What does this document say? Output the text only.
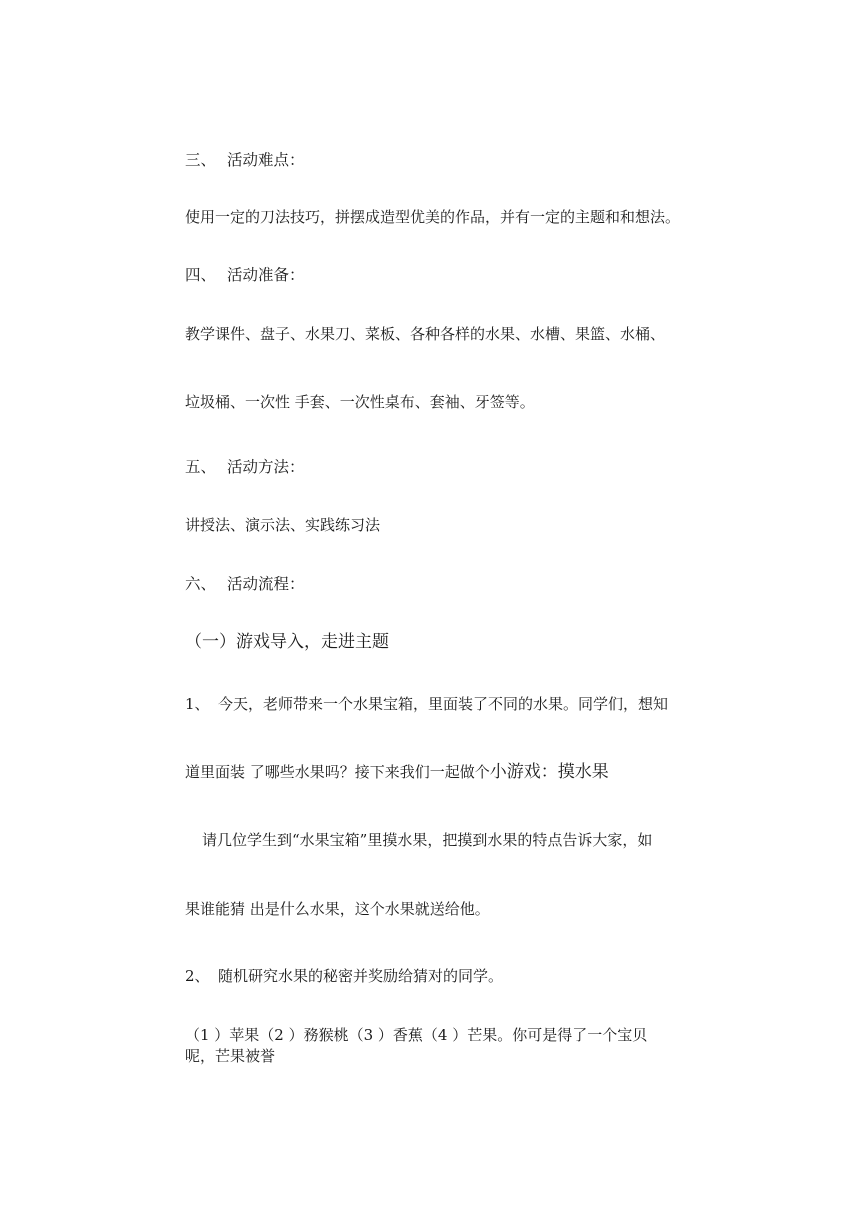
三、 活动难点：
使用一定的刀法技巧，拼摆成造型优美的作品，并有一定的主题和和想法。
四、 活动准备：
教学课件、盘子、水果刀、菜板、各种各样的水果、水槽、果篮、水桶、
垃圾桶、一次性 手套、一次性桌布、套袖、牙签等。
五、 活动方法：
讲授法、演示法、实践练习法
六、 活动流程：
（一）游戏导入，走进主题
1、 今天，老师带来一个水果宝箱，里面装了不同的水果。同学们，想知
道里面装 了哪些水果吗？接下来我们一起做个小游戏：摸水果
请几位学生到“水果宝箱”里摸水果，把摸到水果的特点告诉大家，如
果谁能猜 出是什么水果，这个水果就送给他。
2、 随机研究水果的秘密并奖励给猜对的同学。
（1 ）苹果（2 ）務猴桃（3 ）香蕉（4 ）芒果。你可是得了一个宝贝
呢，芒果被誉
